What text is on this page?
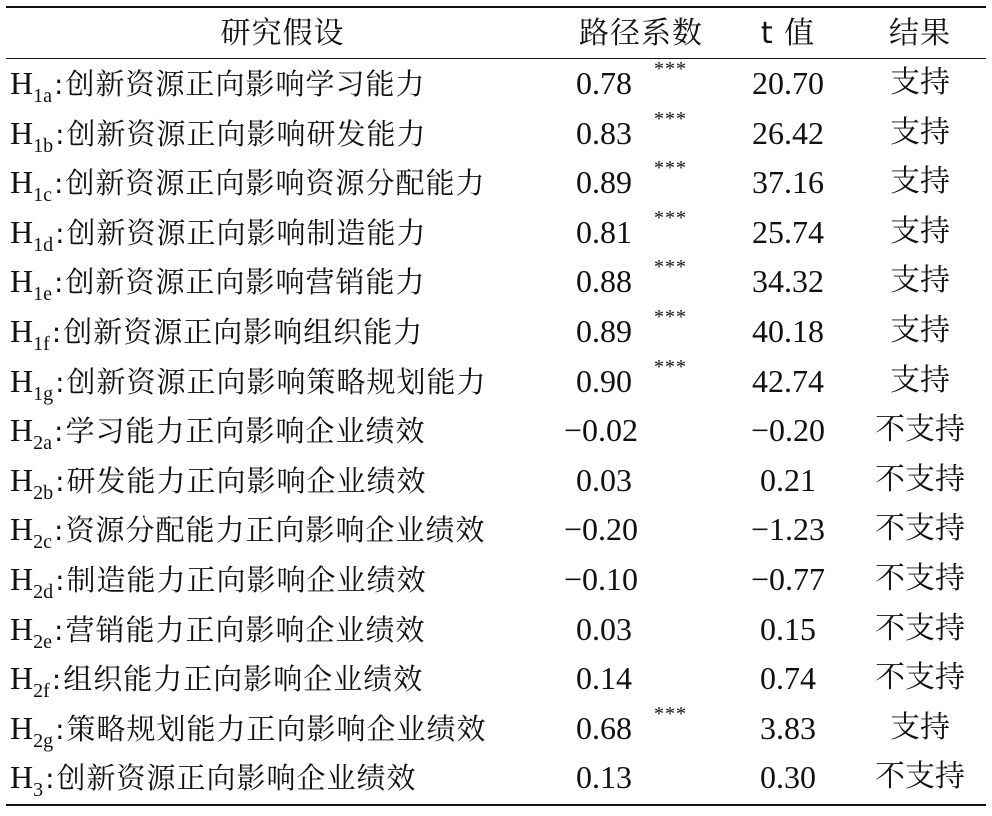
研究假设	路径系数	t 值	结果
$H_{1a}$:创新资源正向影响学习能力	0.78 ***	20.70	支持
$H_{1b}$:创新资源正向影响研发能力	0.83 ***	26.42	支持
$H_{1c}$:创新资源正向影响资源分配能力	0.89 ***	37.16	支持
$H_{1d}$:创新资源正向影响制造能力	0.81 ***	25.74	支持
$H_{1e}$:创新资源正向影响营销能力	0.88 ***	34.32	支持
$H_{1f}$:创新资源正向影响组织能力	0.89 ***	40.18	支持
$H_{1g}$:创新资源正向影响策略规划能力	0.90 ***	42.74	支持
$H_{2a}$:学习能力正向影响企业绩效	−0.02	−0.20	不支持
$H_{2b}$:研发能力正向影响企业绩效	0.03	0.21	不支持
$H_{2c}$:资源分配能力正向影响企业绩效	−0.20	−1.23	不支持
$H_{2d}$:制造能力正向影响企业绩效	−0.10	−0.77	不支持
$H_{2e}$:营销能力正向影响企业绩效	0.03	0.15	不支持
$H_{2f}$:组织能力正向影响企业绩效	0.14	0.74	不支持
$H_{2g}$:策略规划能力正向影响企业绩效	0.68 ***	3.83	支持
$H_3$:创新资源正向影响企业绩效	0.13	0.30	不支持
